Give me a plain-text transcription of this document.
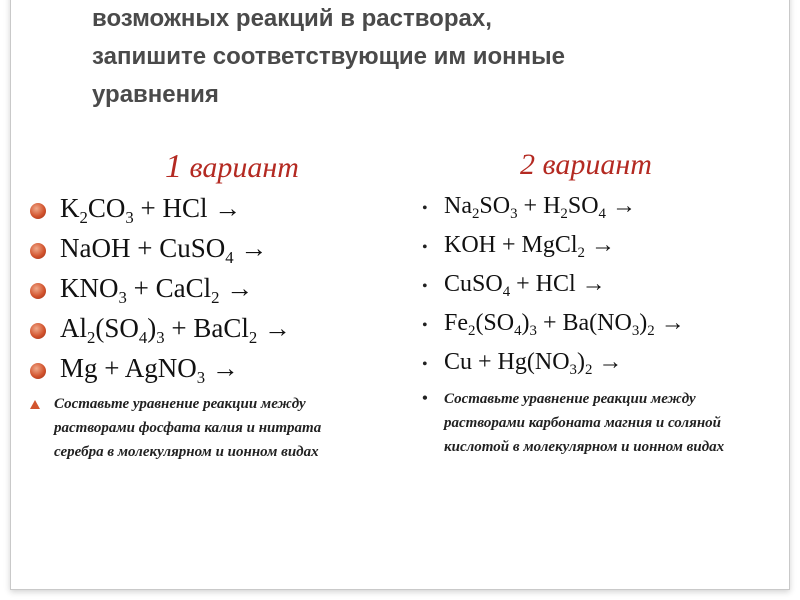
возможных реакций в растворах,
запишите соответствующие им ионные
уравнения
1 вариант	2 вариант
$K_2CO_3$ + HCl →
NaOH + CuSO$_4$ →
$KNO_3$ + CaCl$_2$ →
$Al_2(SO_4)_3$ + BaCl$_2$ →
Mg + AgNO$_3$ →
Составьте уравнение реакции между растворами фосфата калия и нитрата серебра в молекулярном и ионном видах
• $Na_2SO_3 + H_2SO_4$ →
• KOH + MgCl$_2$ →
• CuSO$_4$ + HCl →
• $Fe_2(SO_4)_3 + Ba(NO_3)_2$ →
• $Cu + Hg(NO_3)_2$ →
•	Составьте уравнение реакции между растворами карбоната магния и соляной кислотой в молекулярном и ионном видах
